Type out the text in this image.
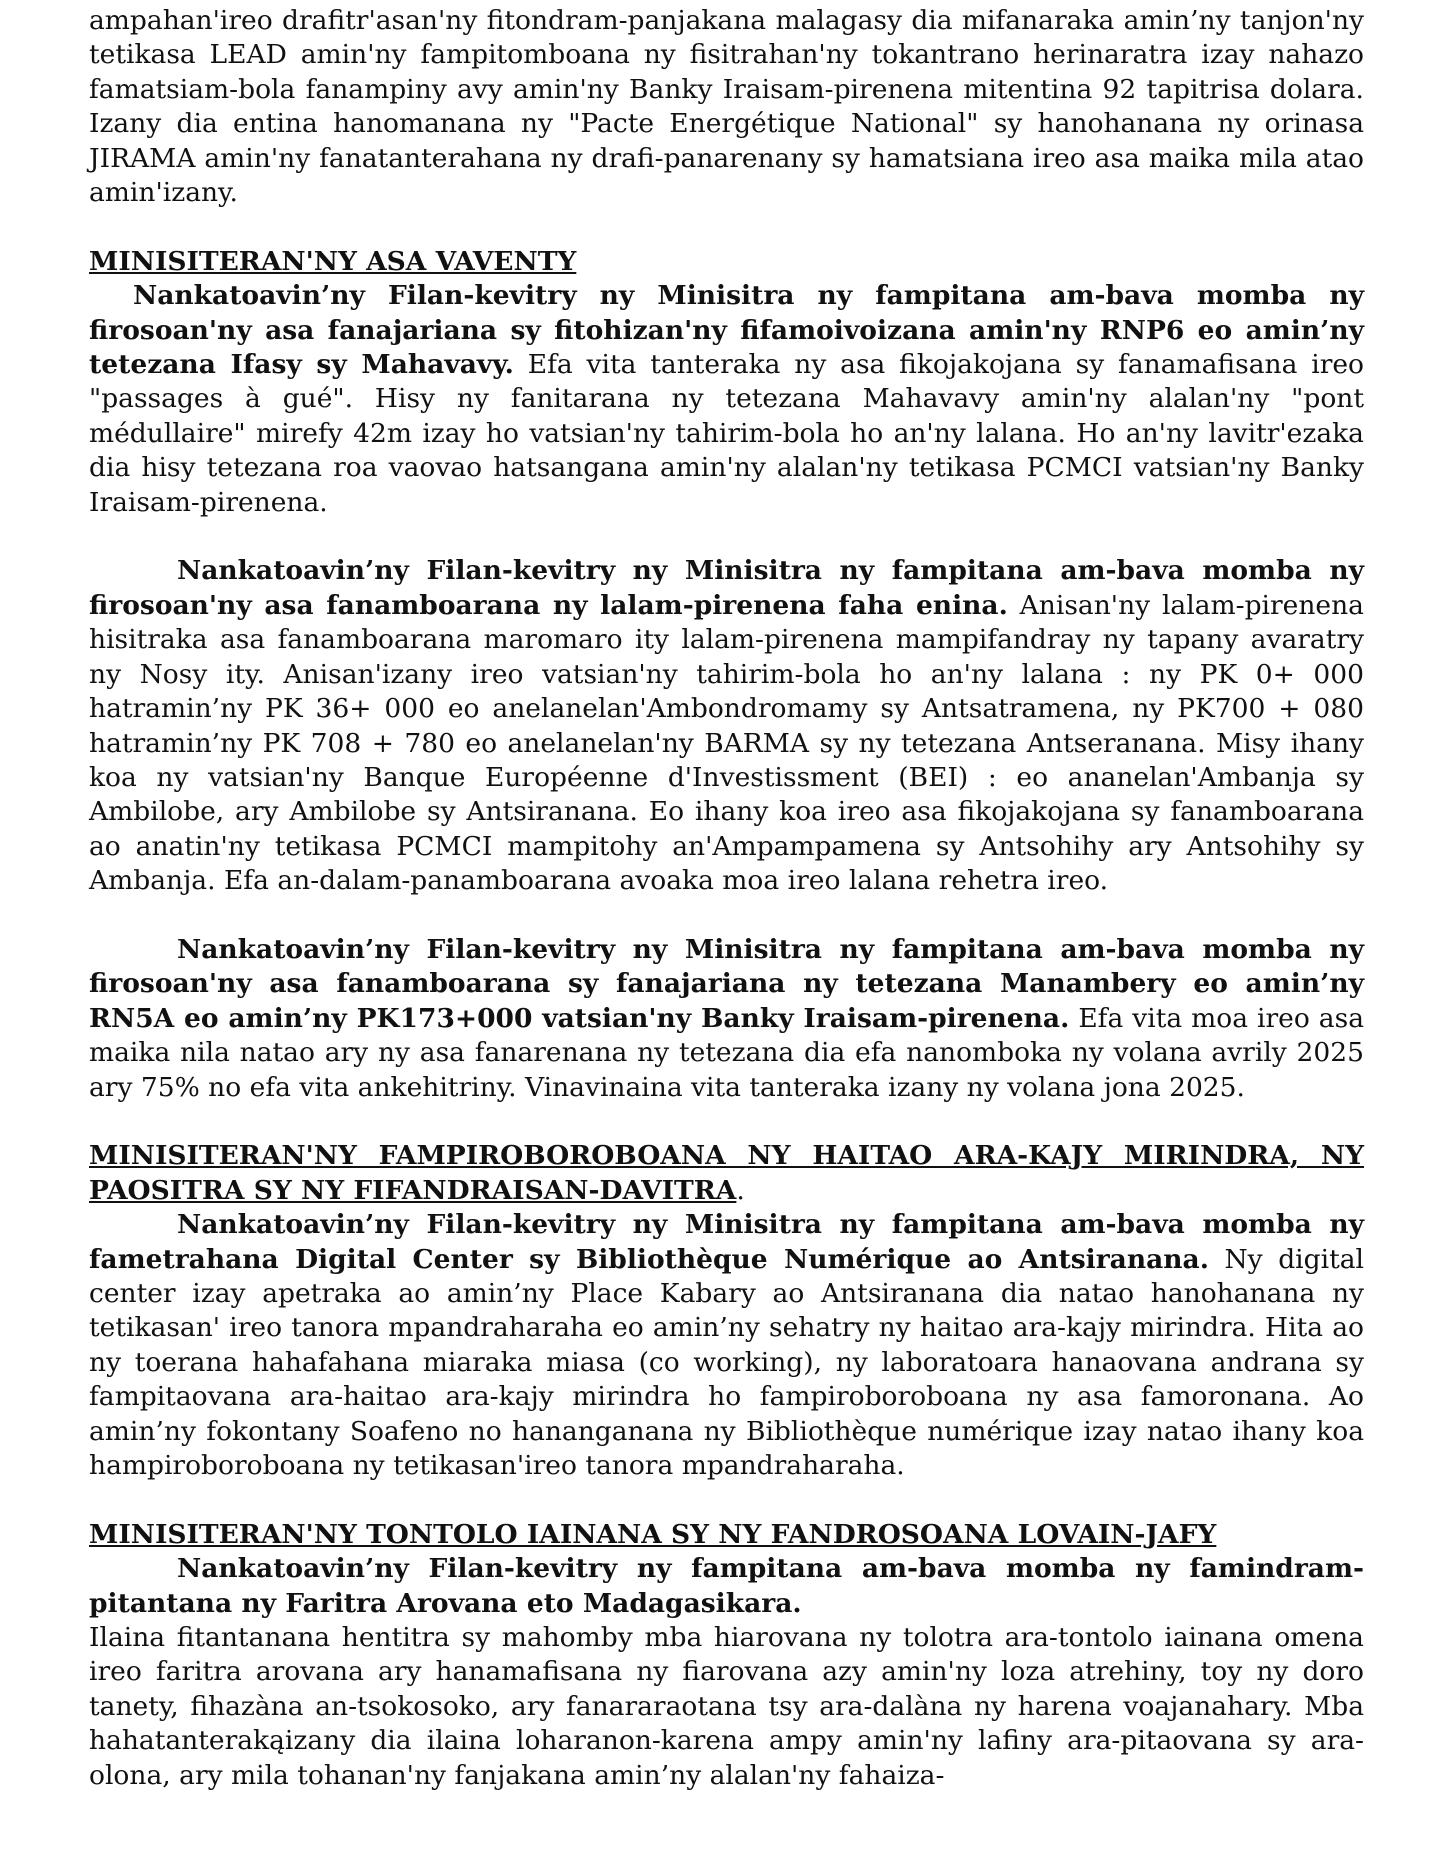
ampahan'ireo drafitr'asan'ny fitondram-panjakana malagasy dia mifanaraka amin’ny tanjon'ny tetikasa LEAD amin'ny fampitomboana ny fisitrahan'ny tokantrano herinaratra izay nahazo famatsiam-bola fanampiny avy amin'ny Banky Iraisam-pirenena mitentina 92 tapitrisa dolara. Izany dia entina hanomanana ny "Pacte Energétique National" sy hanohanana ny orinasa JIRAMA amin'ny fanatanterahana ny drafi-panarenany sy hamatsiana ireo asa maika mila atao amin'izany.

MINISITERAN'NY ASA VAVENTY

Nankatoavin’ny Filan-kevitry ny Minisitra ny fampitana am-bava momba ny firosoan'ny asa fanajariana sy fitohizan'ny fifamoivoizana amin'ny RNP6 eo amin’ny tetezana Ifasy sy Mahavavy. Efa vita tanteraka ny asa fikojakojana sy fanamafisana ireo "passages à gué". Hisy ny fanitarana ny tetezana Mahavavy amin'ny alalan'ny "pont médullaire" mirefy 42m izay ho vatsian'ny tahirim-bola ho an'ny lalana. Ho an'ny lavitr'ezaka dia hisy tetezana roa vaovao hatsangana amin'ny alalan'ny tetikasa PCMCI vatsian'ny Banky Iraisam-pirenena.

Nankatoavin’ny Filan-kevitry ny Minisitra ny fampitana am-bava momba ny firosoan'ny asa fanamboarana ny lalam-pirenena faha enina. Anisan'ny lalam-pirenena hisitraka asa fanamboarana maromaro ity lalam-pirenena mampifandray ny tapany avaratry ny Nosy ity. Anisan'izany ireo vatsian'ny tahirim-bola ho an'ny lalana : ny PK 0+ 000 hatramin’ny PK 36+ 000 eo anelanelan'Ambondromamy sy Antsatramena, ny PK700 + 080 hatramin’ny PK 708 + 780 eo anelanelan'ny BARMA sy ny tetezana Antseranana. Misy ihany koa ny vatsian'ny Banque Européenne d'Investissment (BEI) : eo ananelan'Ambanja sy Ambilobe, ary Ambilobe sy Antsiranana. Eo ihany koa ireo asa fikojakojana sy fanamboarana ao anatin'ny tetikasa PCMCI mampitohy an'Ampampamena sy Antsohihy ary Antsohihy sy Ambanja. Efa an-dalam-panamboarana avoaka moa ireo lalana rehetra ireo.

Nankatoavin’ny Filan-kevitry ny Minisitra ny fampitana am-bava momba ny firosoan'ny asa fanamboarana sy fanajariana ny tetezana Manambery eo amin’ny RN5A eo amin’ny PK173+000 vatsian'ny Banky Iraisam-pirenena. Efa vita moa ireo asa maika nila natao ary ny asa fanarenana ny tetezana dia efa nanomboka ny volana avrily 2025 ary 75% no efa vita ankehitriny. Vinavinaina vita tanteraka izany ny volana jona 2025.

MINISITERAN'NY FAMPIROBOROBOANA NY HAITAO ARA-KAJY MIRINDRA, NY PAOSITRA SY NY FIFANDRAISAN-DAVITRA.

Nankatoavin’ny Filan-kevitry ny Minisitra ny fampitana am-bava momba ny fametrahana Digital Center sy Bibliothèque Numérique ao Antsiranana. Ny digital center izay apetraka ao amin’ny Place Kabary ao Antsiranana dia natao hanohanana ny tetikasan' ireo tanora mpandraharaha eo amin’ny sehatry ny haitao ara-kajy mirindra. Hita ao ny toerana hahafahana miaraka miasa (co working), ny laboratoara hanaovana andrana sy fampitaovana ara-haitao ara-kajy mirindra ho fampiroboroboana ny asa famoronana. Ao amin’ny fokontany Soafeno no hananganana ny Bibliothèque numérique izay natao ihany koa hampiroboroboana ny tetikasan'ireo tanora mpandraharaha.

MINISITERAN'NY TONTOLO IAINANA SY NY FANDROSOANA LOVAIN-JAFY

Nankatoavin’ny Filan-kevitry ny fampitana am-bava momba ny famindram-pitantana ny Faritra Arovana eto Madagasikara.

Ilaina fitantanana hentitra sy mahomby mba hiarovana ny tolotra ara-tontolo iainana omena ireo faritra arovana ary hanamafisana ny fiarovana azy amin'ny loza atrehiny, toy ny doro tanety, fihazàna an-tsokosoko, ary fanararaotana tsy ara-dalàna ny harena voajanahary. Mba hahatanterakąizany dia ilaina loharanon-karena ampy amin'ny lafiny ara-pitaovana sy ara-olona, ary mila tohanan'ny fanjakana amin’ny alalan'ny fahaiza-
